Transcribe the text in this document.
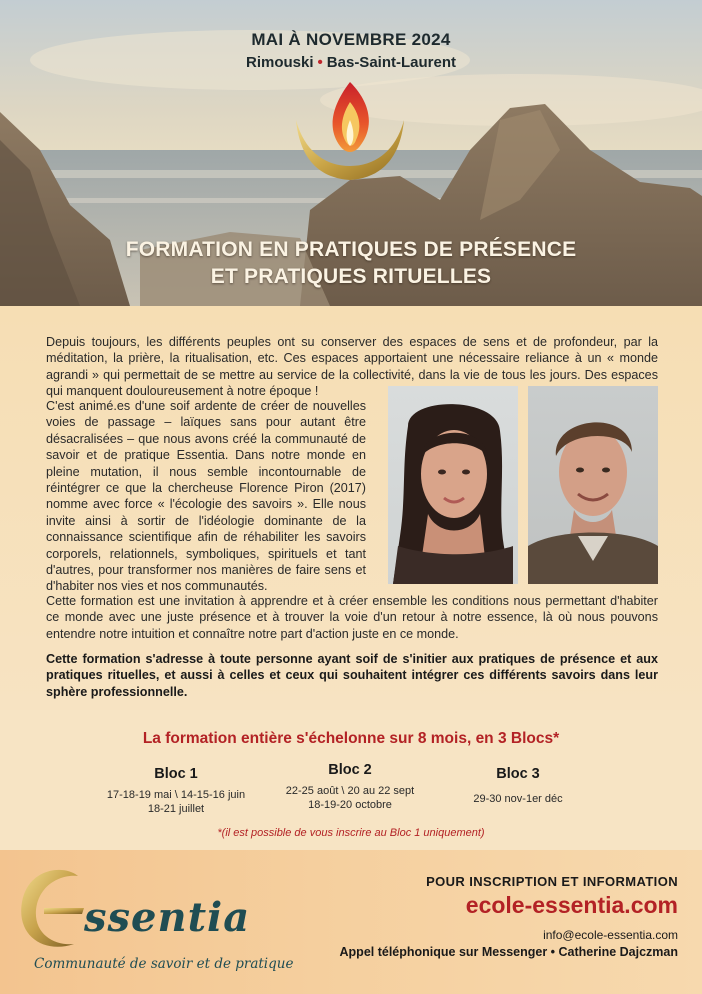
MAI À NOVEMBRE 2024
Rimouski • Bas-Saint-Laurent
FORMATION EN PRATIQUES DE PRÉSENCE
ET PRATIQUES RITUELLES
Depuis toujours, les différents peuples ont su conserver des espaces de sens et de profondeur, par la méditation, la prière, la ritualisation, etc. Ces espaces apportaient une nécessaire reliance à un « monde agrandi » qui permettait de se mettre au service de la collectivité, dans la vie de tous les jours. Des espaces qui manquent douloureusement à notre époque !
C'est animé.es d'une soif ardente de créer de nouvelles voies de passage – laïques sans pour autant être désacralisées – que nous avons créé la communauté de savoir et de pratique Essentia. Dans notre monde en pleine mutation, il nous semble incontournable de réintégrer ce que la chercheuse Florence Piron (2017) nomme avec force « l'écologie des savoirs ». Elle nous invite ainsi à sortir de l'idéologie dominante de la connaissance scientifique afin de réhabiliter les savoirs corporels, relationnels, symboliques, spirituels et tant d'autres, pour transformer nos manières de faire sens et d'habiter nos vies et nos communautés.
Cette formation est une invitation à apprendre et à créer ensemble les conditions nous permettant d'habiter ce monde avec une juste présence et à trouver la voie d'un retour à notre essence, là où nous pouvons entendre notre intuition et connaître notre part d'action juste en ce monde.
Cette formation s'adresse à toute personne ayant soif de s'initier aux pratiques de présence et aux pratiques rituelles, et aussi à celles et ceux qui souhaitent intégrer ces différents savoirs dans leur sphère professionnelle.
La formation entière s'échelonne sur 8 mois, en 3 Blocs*
Bloc 1
17-18-19 mai \ 14-15-16 juin
18-21 juillet
Bloc 2
22-25 août \ 20 au 22 sept
18-19-20 octobre
Bloc 3
29-30 nov-1er déc
*(il est possible de vous inscrire au Bloc 1 uniquement)
ssentia
Communauté de savoir et de pratique
POUR INSCRIPTION ET INFORMATION
ecole-essentia.com
info@ecole-essentia.com
Appel téléphonique sur Messenger • Catherine Dajczman
